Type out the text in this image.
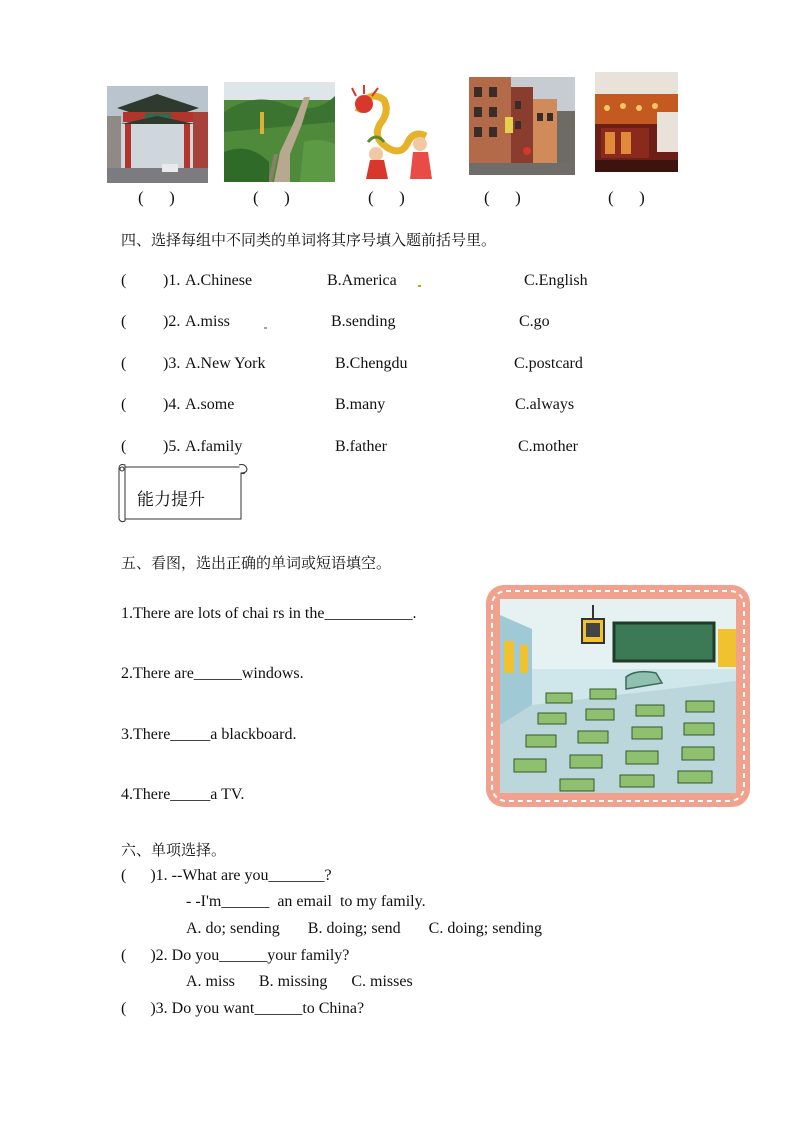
(      )	(      )	(      )	(      )	(      )
四、选择每组中不同类的单词将其序号填入题前括号里。
( )1. A.Chinese	B.America	C.English
( )2. A.miss	B.sending	C.go
( )3. A.New York	B.Chengdu	C.postcard
( )4. A.some	B.many	C.always
( )5. A.family	B.father	C.mother
能力提升
五、看图，选出正确的单词或短语填空。
1.There are lots of chai rs in the___________.
2.There are______windows.
3.There_____a blackboard.
4.There_____a TV.
六、单项选择。
(      )1. --What are you_______?
- -I'm______  an email  to my family.
A. do; sending       B. doing; send       C. doing; sending
(      )2. Do you______your family?
A. miss      B. missing      C. misses
(      )3. Do you want______to China?
